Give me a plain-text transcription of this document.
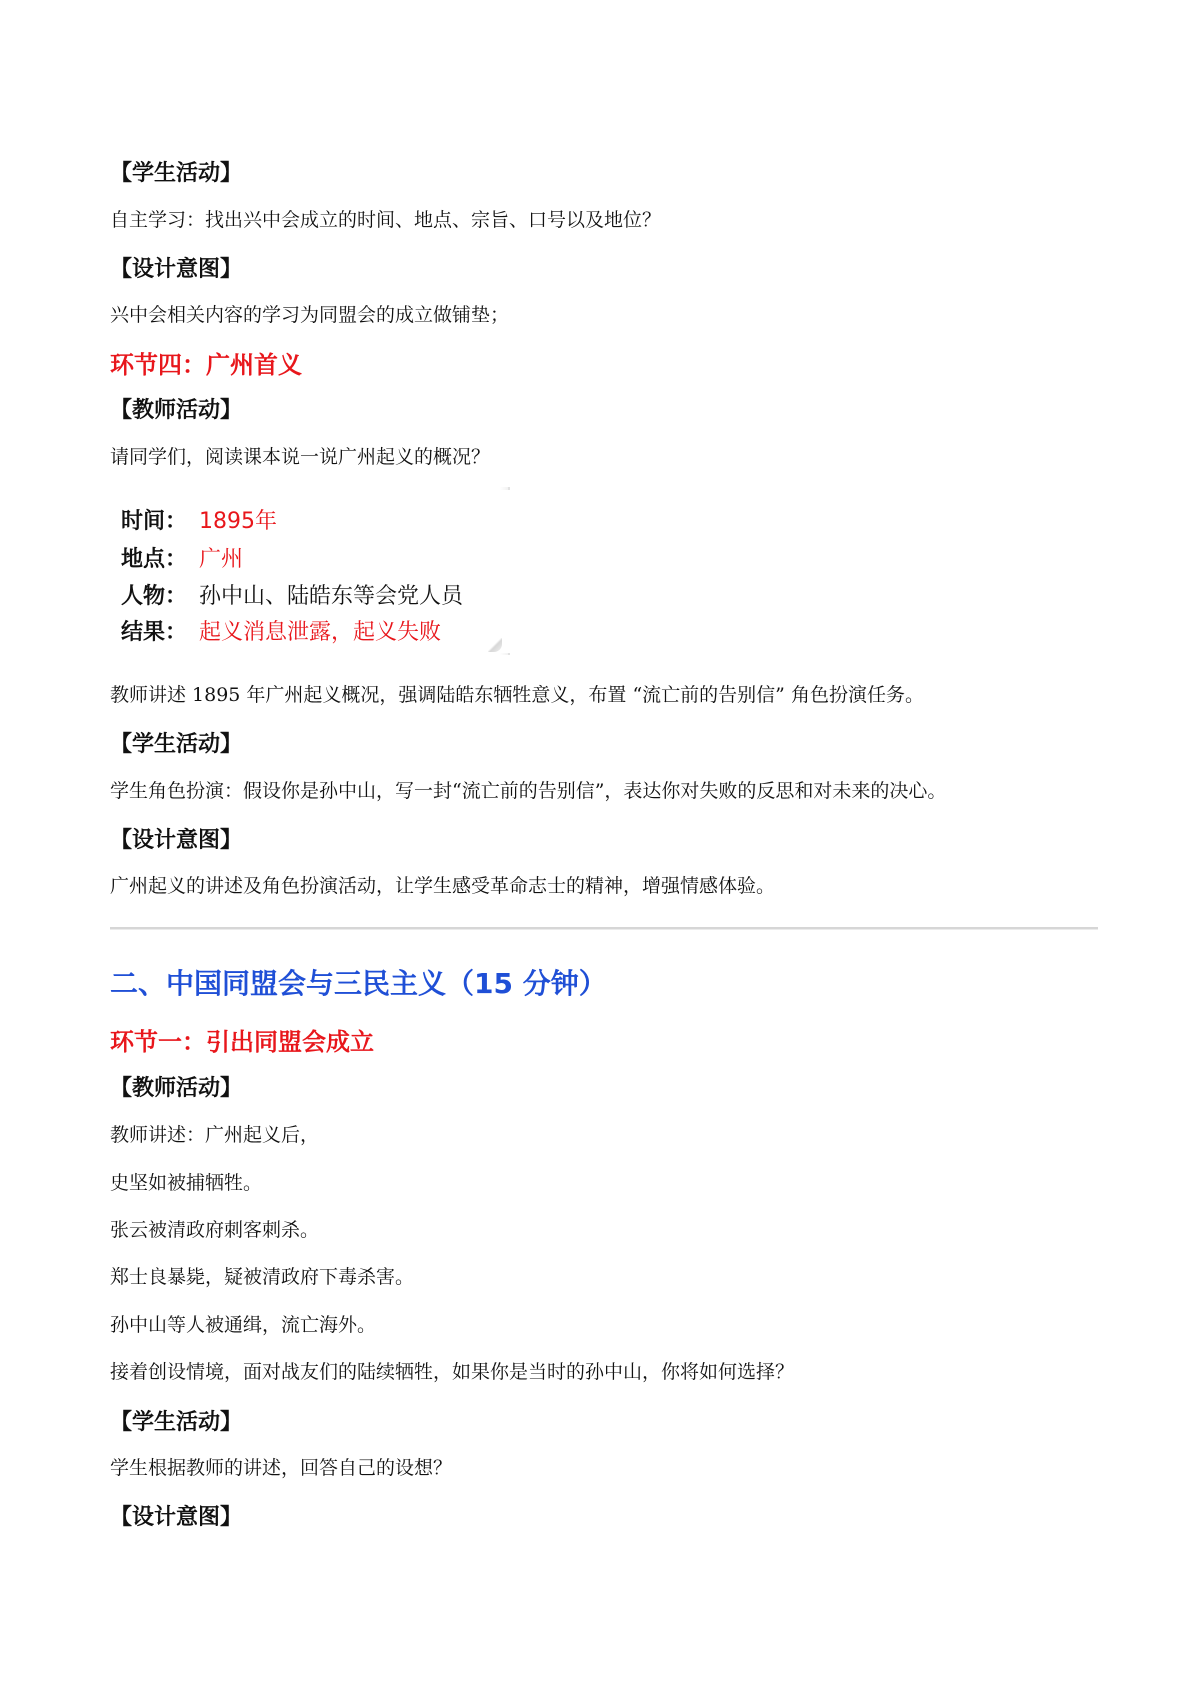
【学生活动】
自主学习：找出兴中会成立的时间、地点、宗旨、口号以及地位？
【设计意图】
兴中会相关内容的学习为同盟会的成立做铺垫；
环节四：广州首义
【教师活动】
请同学们，阅读课本说一说广州起义的概况？
时间： 1895年
地点： 广州
人物： 孙中山、陆皓东等会党人员
结果： 起义消息泄露，起义失败
教师讲述 1895 年广州起义概况，强调陆皓东牺牲意义，布置 “流亡前的告别信” 角色扮演任务。
【学生活动】
学生角色扮演：假设你是孙中山，写一封“流亡前的告别信”，表达你对失败的反思和对未来的决心。
【设计意图】
广州起义的讲述及角色扮演活动，让学生感受革命志士的精神，增强情感体验。
二、中国同盟会与三民主义（15 分钟）
环节一：引出同盟会成立
【教师活动】
教师讲述：广州起义后，
史坚如被捕牺牲。
张云被清政府刺客刺杀。
郑士良暴毙，疑被清政府下毒杀害。
孙中山等人被通缉，流亡海外。
接着创设情境，面对战友们的陆续牺牲，如果你是当时的孙中山，你将如何选择？
【学生活动】
学生根据教师的讲述，回答自己的设想？
【设计意图】
